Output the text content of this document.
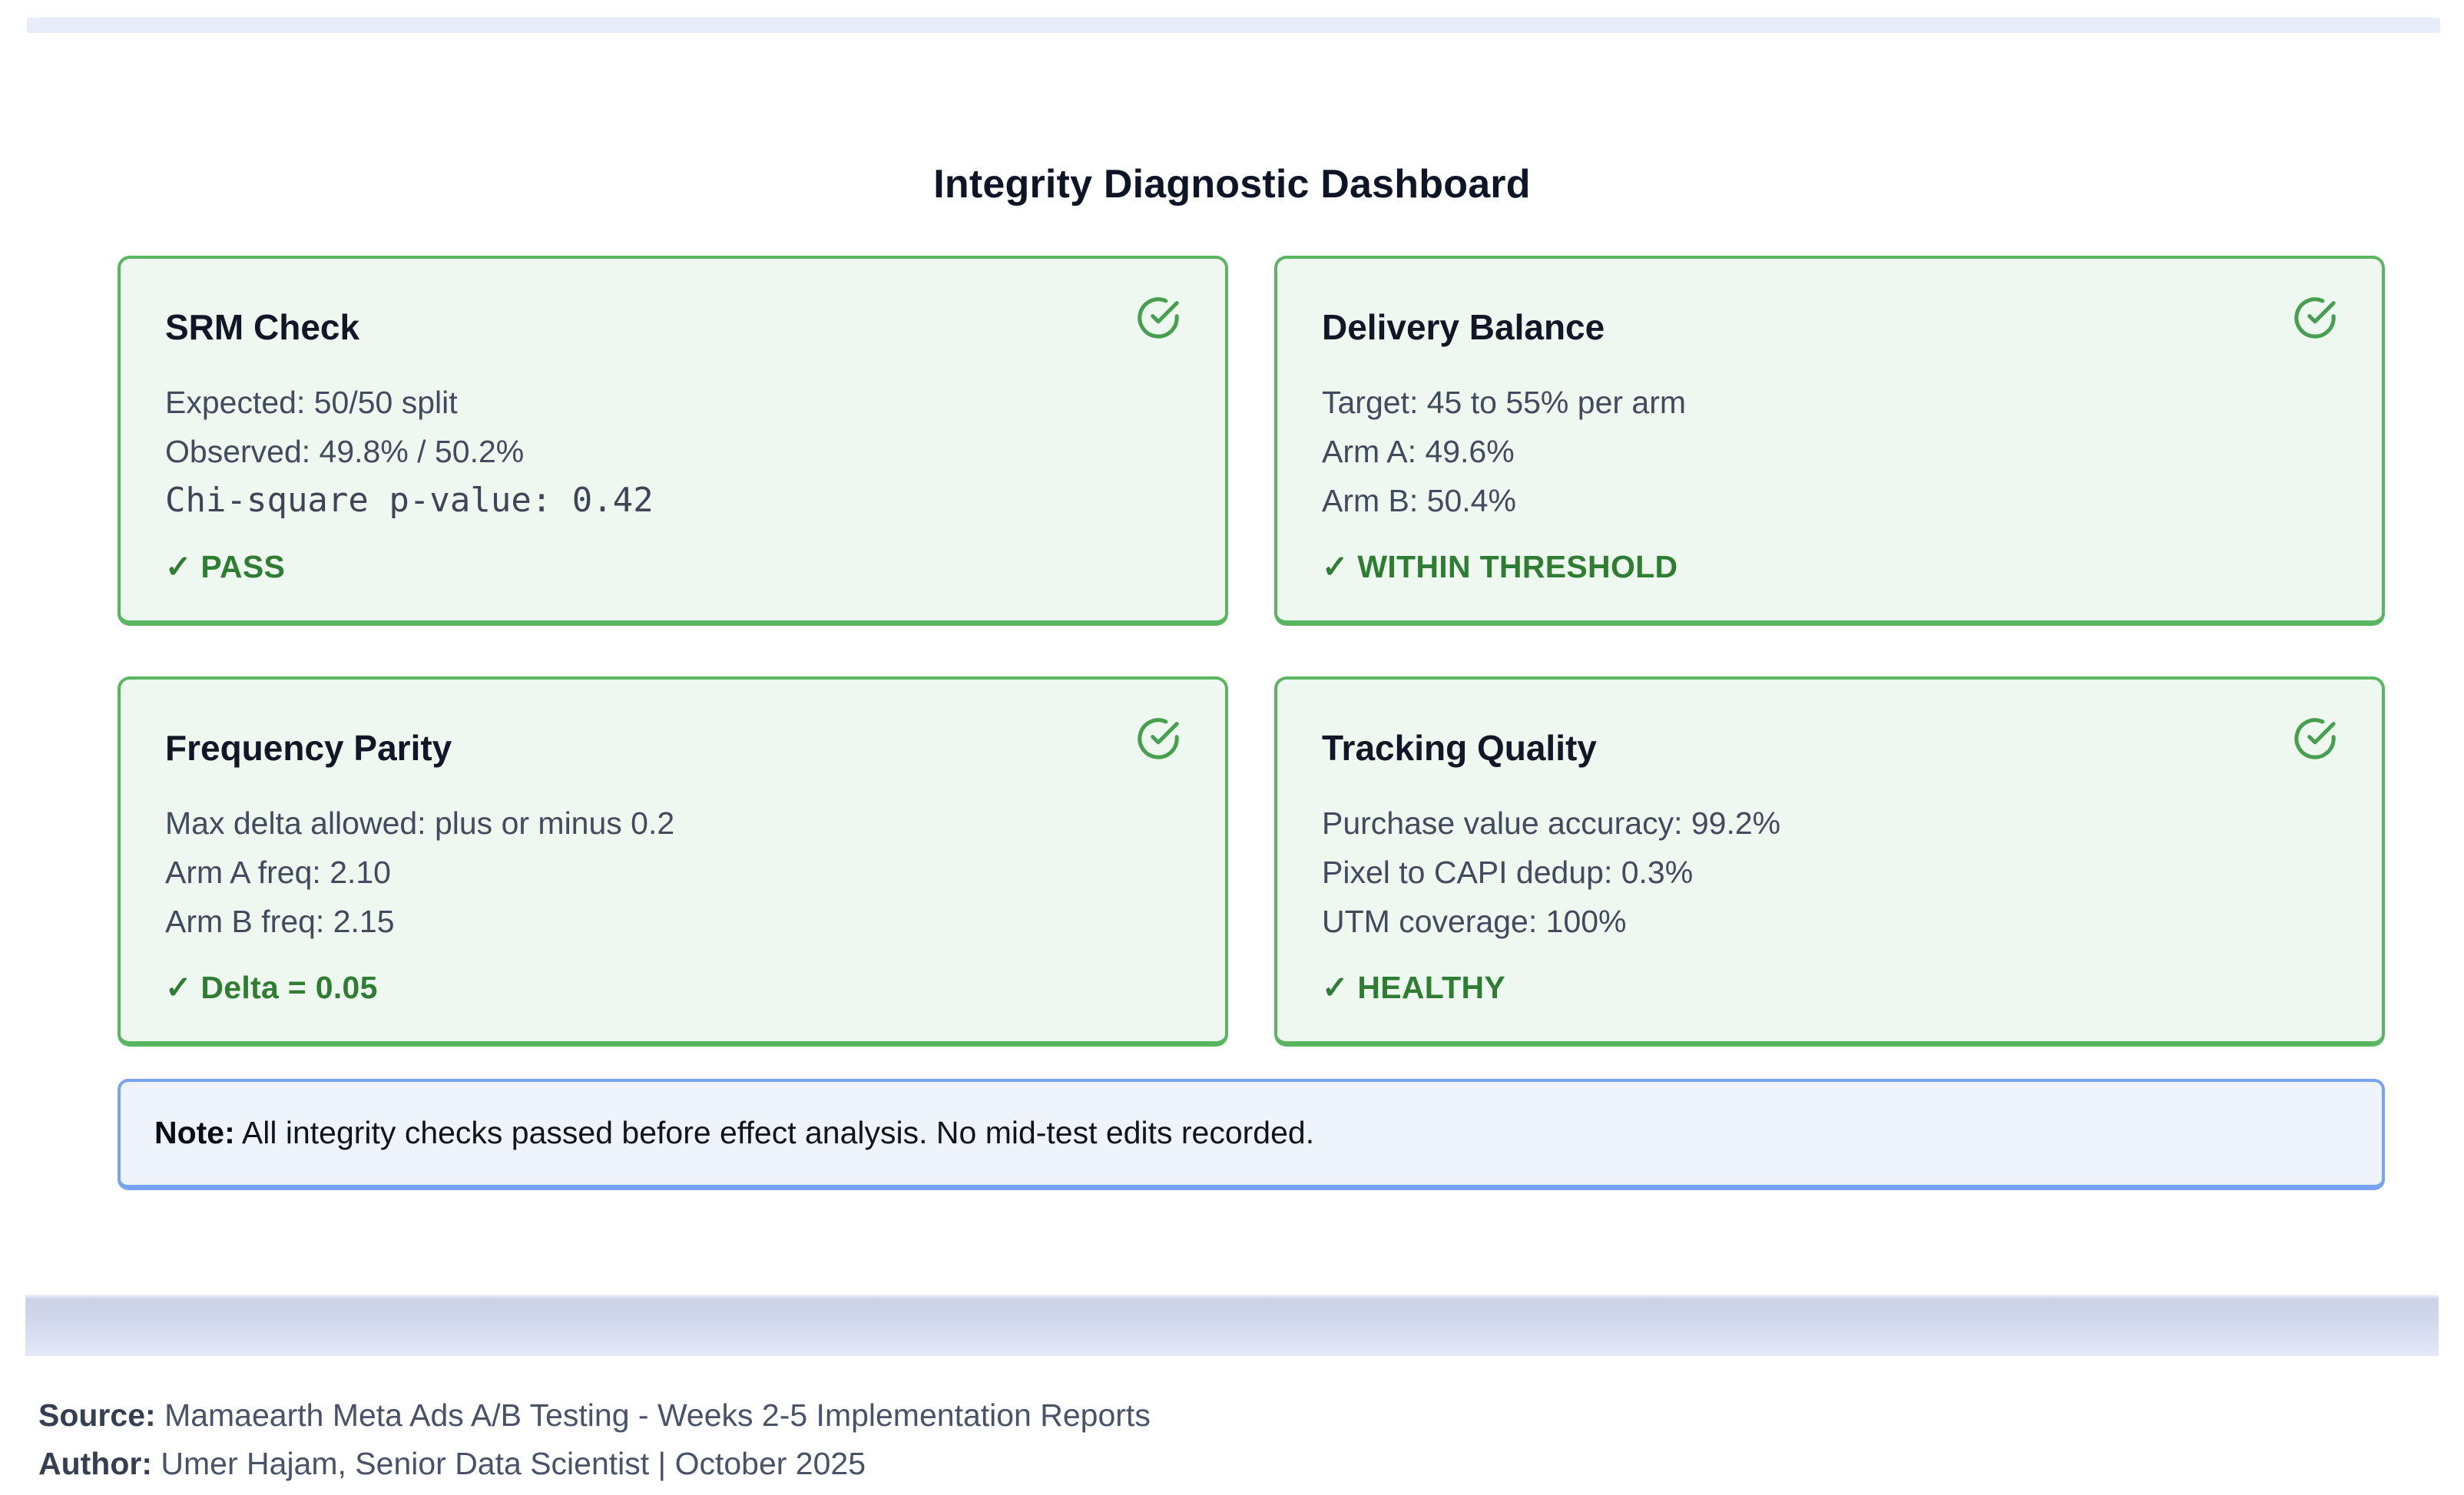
Integrity Diagnostic Dashboard
SRM Check
Expected: 50/50 split
Observed: 49.8% / 50.2%
Chi-square p-value: 0.42
✓ PASS
Delivery Balance
Target: 45 to 55% per arm
Arm A: 49.6%
Arm B: 50.4%
✓ WITHIN THRESHOLD
Frequency Parity
Max delta allowed: plus or minus 0.2
Arm A freq: 2.10
Arm B freq: 2.15
✓ Delta = 0.05
Tracking Quality
Purchase value accuracy: 99.2%
Pixel to CAPI dedup: 0.3%
UTM coverage: 100%
✓ HEALTHY
Note: All integrity checks passed before effect analysis. No mid-test edits recorded.
Source: Mamaearth Meta Ads A/B Testing - Weeks 2-5 Implementation Reports
Author: Umer Hajam, Senior Data Scientist | October 2025
